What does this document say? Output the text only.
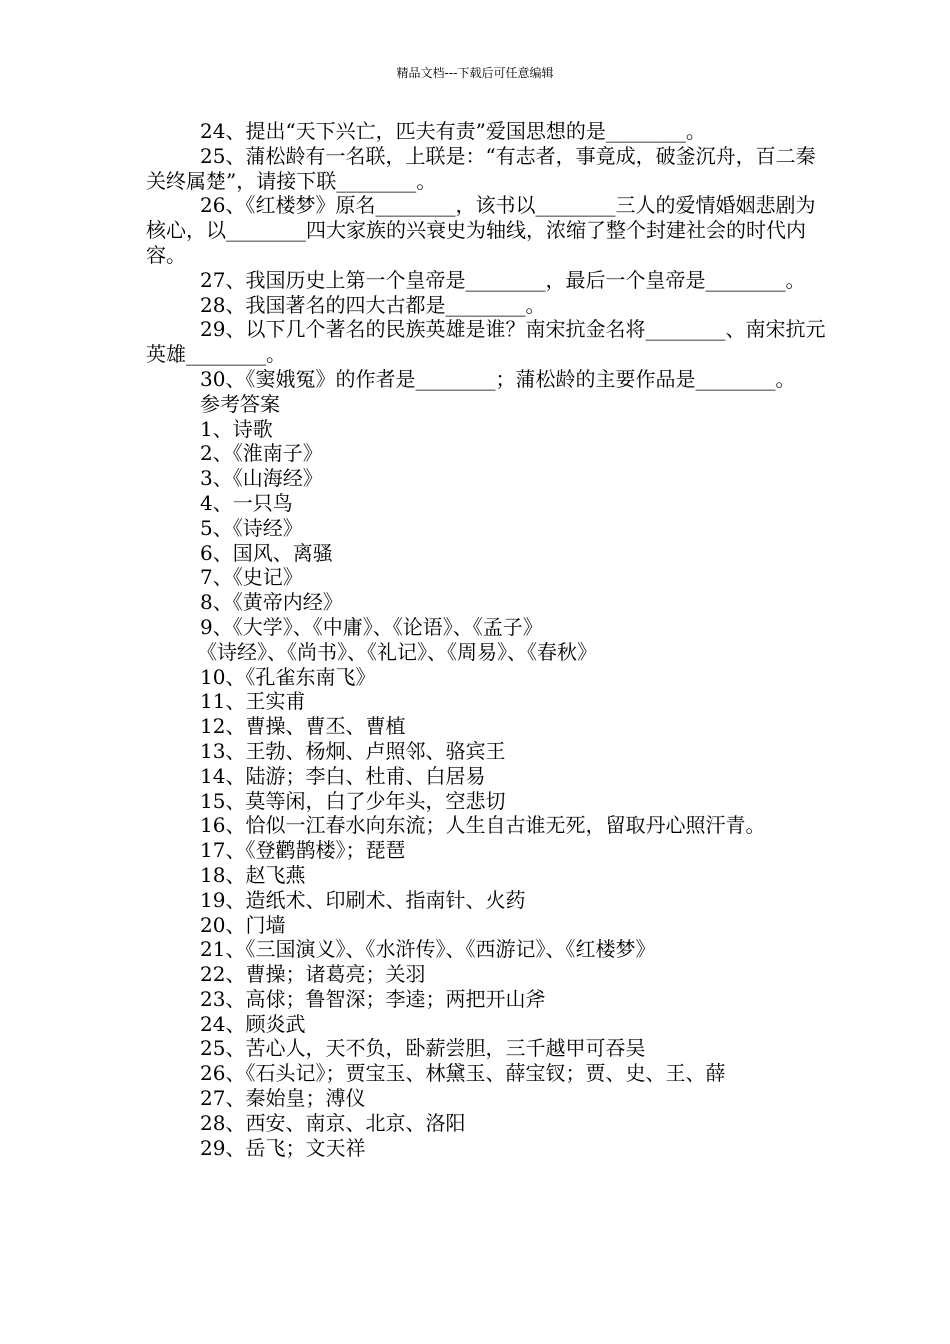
精品文档---下载后可任意编辑

24、提出“天下兴亡，匹夫有责”爱国思想的是________。

25、蒲松龄有一名联，上联是：“有志者，事竟成，破釜沉舟，百二秦关终属楚”，请接下联________。

26、《红楼梦》原名________，该书以________三人的爱情婚姻悲剧为核心，以________四大家族的兴衰史为轴线，浓缩了整个封建社会的时代内容。

27、我国历史上第一个皇帝是________，最后一个皇帝是________。

28、我国著名的四大古都是________。

29、以下几个著名的民族英雄是谁？南宋抗金名将________、南宋抗元英雄________。

30、《窦娥冤》的作者是________；蒲松龄的主要作品是________。

参考答案

1、诗歌

2、《淮南子》

3、《山海经》

4、一只鸟

5、《诗经》

6、国风、离骚

7、《史记》

8、《黄帝内经》

9、《大学》、《中庸》、《论语》、《孟子》

《诗经》、《尚书》、《礼记》、《周易》、《春秋》

10、《孔雀东南飞》

11、王实甫

12、曹操、曹丕、曹植

13、王勃、杨炯、卢照邻、骆宾王

14、陆游；李白、杜甫、白居易

15、莫等闲，白了少年头，空悲切

16、恰似一江春水向东流；人生自古谁无死，留取丹心照汗青。

17、《登鹳鹊楼》；琵琶

18、赵飞燕

19、造纸术、印刷术、指南针、火药

20、门墙

21、《三国演义》、《水浒传》、《西游记》、《红楼梦》

22、曹操；诸葛亮；关羽

23、高俅；鲁智深；李逵；两把开山斧

24、顾炎武

25、苦心人，天不负，卧薪尝胆，三千越甲可吞吴

26、《石头记》；贾宝玉、林黛玉、薛宝钗；贾、史、王、薛

27、秦始皇；溥仪

28、西安、南京、北京、洛阳

29、岳飞；文天祥
